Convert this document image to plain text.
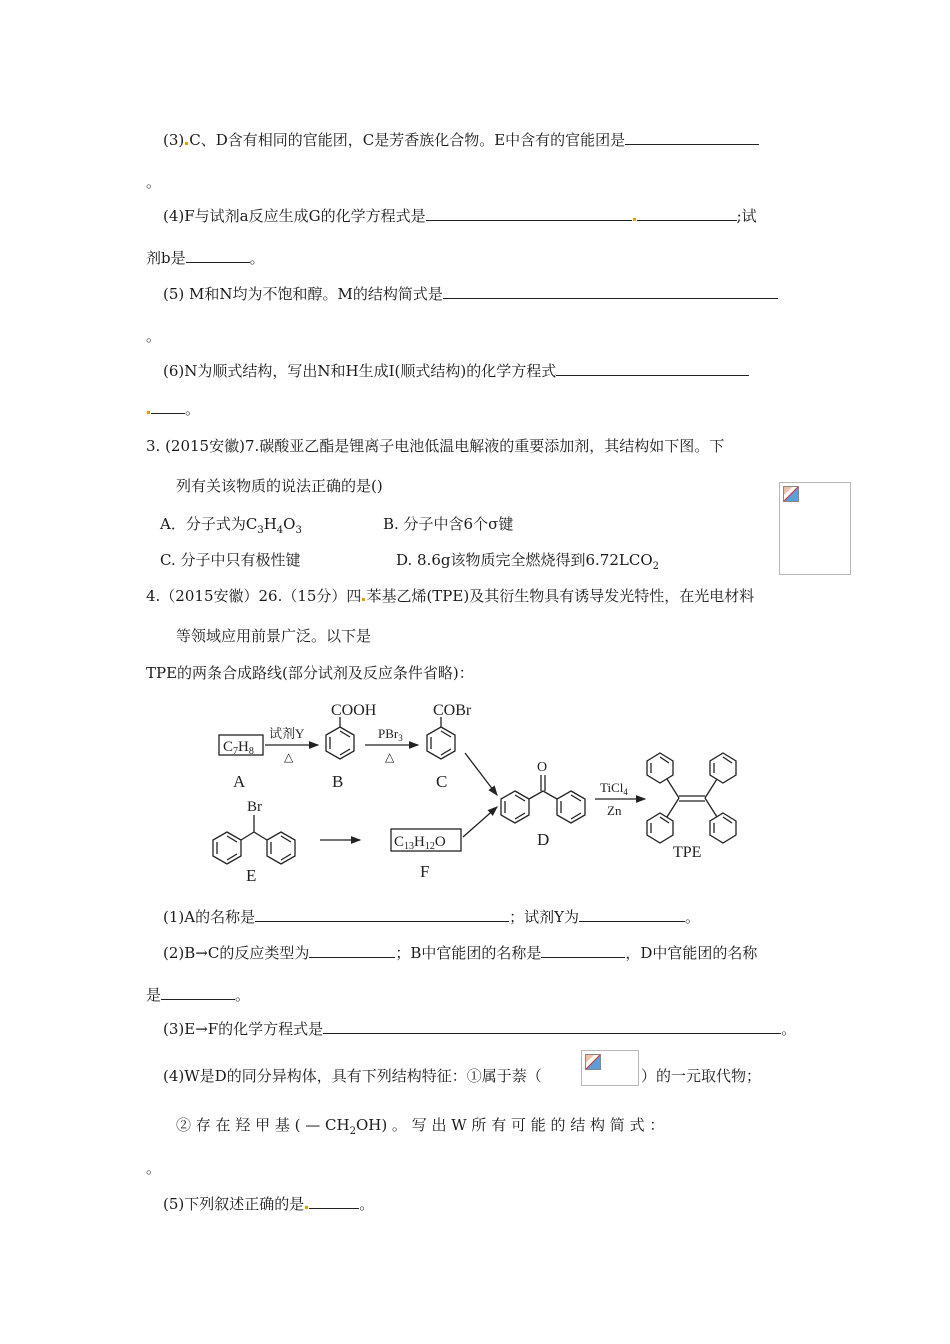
(3) C、D含有相同的官能团，C是芳香族化合物。E中含有的官能团是
。
(4)F与试剂a反应生成G的化学方程式是	;试
剂b是	。
(5) M和N均为不饱和醇。M的结构简式是
。
(6)N为顺式结构，写出N和H生成I(顺式结构)的化学方程式
。
3. (2015安徽)7.碳酸亚乙酯是锂离子电池低温电解液的重要添加剂，其结构如下图。下
列有关该物质的说法正确的是()
A．分子式为$C_3H_4O_3$	B. 分子中含6个σ键
C. 分子中只有极性键	D. 8.6g该物质完全燃烧得到$6.72LCO_2$
4.（2015安徽）26.（15分）四 苯基乙烯(TPE)及其衍生物具有诱导发光特性，在光电材料
等领域应用前景广泛。以下是
TPE的两条合成路线(部分试剂及反应条件省略)：
$C_7H_8$
试剂Y
△
COOH
PBr$_3$
△
COBr
A	B	C
O
D
TiCl$_4$
Zn
TPE
Br
E
$C_{13}H_{12}O$
F
(1)A的名称是	；试剂Y为	。
(2)B→C的反应类型为	；B中官能团的名称是	，D中官能团的名称
是	。
(3)E→F的化学方程式是	。
(4)W是D的同分异构体，具有下列结构特征：①属于萘（	）的一元取代物；
② 存 在 羟 甲 基 ( — $CH_2OH$) 。 写 出 W 所 有 可 能 的 结 构 简 式 ：
。
(5)下列叙述正确的是	。
